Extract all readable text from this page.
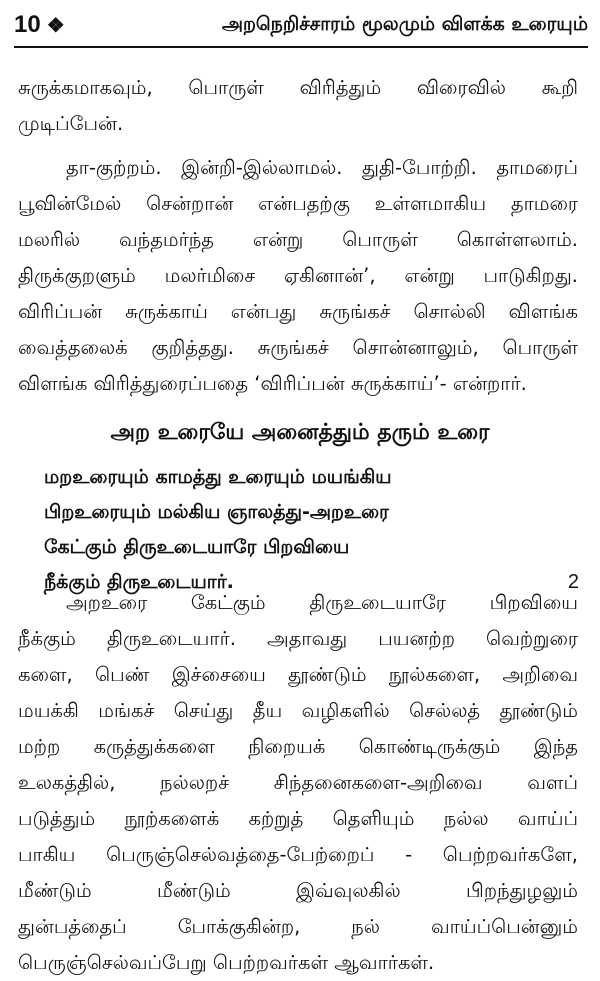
10 ❖	அறநெறிச்சாரம் மூலமும் விளக்க உரையும்
சுருக்கமாகவும், பொருள் விரித்தும் விரைவில் கூறி
முடிப்பேன்.
தா-குற்றம். இன்றி-இல்லாமல். துதி-போற்றி. தாமரைப்
பூவின்மேல் சென்றான் என்பதற்கு உள்ளமாகிய தாமரை
மலரில் வந்தமர்ந்த என்று பொருள் கொள்ளலாம்.
திருக்குறளும் மலர்மிசை ஏகினான்’, என்று பாடுகிறது.
விரிப்பன் சுருக்காய் என்பது சுருங்கச் சொல்லி விளங்க
வைத்தலைக் குறித்தது. சுருங்கச் சொன்னாலும், பொருள்
விளங்க விரித்துரைப்பதை ‘விரிப்பன் சுருக்காய்’- என்றார்.
அற உரையே அனைத்தும் தரும் உரை
மறஉரையும் காமத்து உரையும் மயங்கிய
பிறஉரையும் மல்கிய ஞாலத்து-அறஉரை
கேட்கும் திருஉடையாரே பிறவியை
நீக்கும் திருஉடையார்.	2
அறஉரை கேட்கும் திருஉடையாரே பிறவியை
நீக்கும் திருஉடையார். அதாவது பயனற்ற வெற்றுரை
களை, பெண் இச்சையை தூண்டும் நூல்களை, அறிவை
மயக்கி மங்கச் செய்து தீய வழிகளில் செல்லத் தூண்டும்
மற்ற கருத்துக்களை நிறையக் கொண்டிருக்கும் இந்த
உலகத்தில், நல்லறச் சிந்தனைகளை-அறிவை வளப்
படுத்தும் நூற்களைக் கற்றுத் தெளியும் நல்ல வாய்ப்
பாகிய பெருஞ்செல்வத்தை-பேற்றைப் - பெற்றவர்களே,
மீண்டும் மீண்டும் இவ்வுலகில் பிறந்துழலும்
துன்பத்தைப் போக்குகின்ற, நல் வாய்ப்பென்னும்
பெருஞ்செல்வப்பேறு பெற்றவர்கள் ஆவார்கள்.
